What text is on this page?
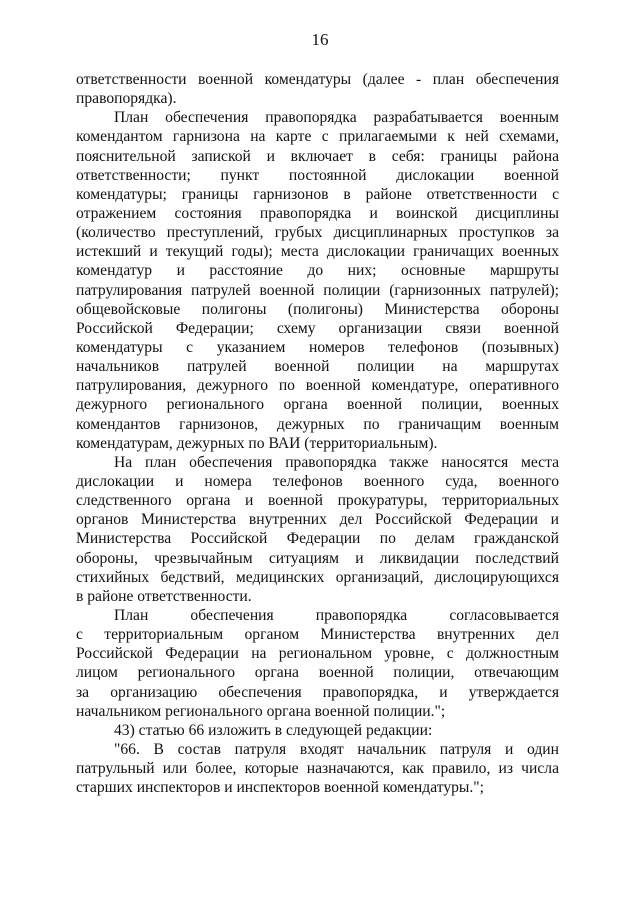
16
ответственности военной комендатуры (далее - план обеспечения
правопорядка).
План обеспечения правопорядка разрабатывается военным
комендантом гарнизона на карте с прилагаемыми к ней схемами,
пояснительной запиской и включает в себя: границы района
ответственности; пункт постоянной дислокации военной
комендатуры; границы гарнизонов в районе ответственности с
отражением состояния правопорядка и воинской дисциплины
(количество преступлений, грубых дисциплинарных проступков за
истекший и текущий годы); места дислокации граничащих военных
комендатур и расстояние до них; основные маршруты
патрулирования патрулей военной полиции (гарнизонных патрулей);
общевойсковые полигоны (полигоны) Министерства обороны
Российской Федерации; схему организации связи военной
комендатуры с указанием номеров телефонов (позывных)
начальников патрулей военной полиции на маршрутах
патрулирования, дежурного по военной комендатуре, оперативного
дежурного регионального органа военной полиции, военных
комендантов гарнизонов, дежурных по граничащим военным
комендатурам, дежурных по ВАИ (территориальным).
На план обеспечения правопорядка также наносятся места
дислокации и номера телефонов военного суда, военного
следственного органа и военной прокуратуры, территориальных
органов Министерства внутренних дел Российской Федерации и
Министерства Российской Федерации по делам гражданской
обороны, чрезвычайным ситуациям и ликвидации последствий
стихийных бедствий, медицинских организаций, дислоцирующихся
в районе ответственности.
План обеспечения правопорядка согласовывается
с территориальным органом Министерства внутренних дел
Российской Федерации на региональном уровне, с должностным
лицом регионального органа военной полиции, отвечающим
за организацию обеспечения правопорядка, и утверждается
начальником регионального органа военной полиции.";
43) статью 66 изложить в следующей редакции:
"66. В состав патруля входят начальник патруля и один
патрульный или более, которые назначаются, как правило, из числа
старших инспекторов и инспекторов военной комендатуры.";
